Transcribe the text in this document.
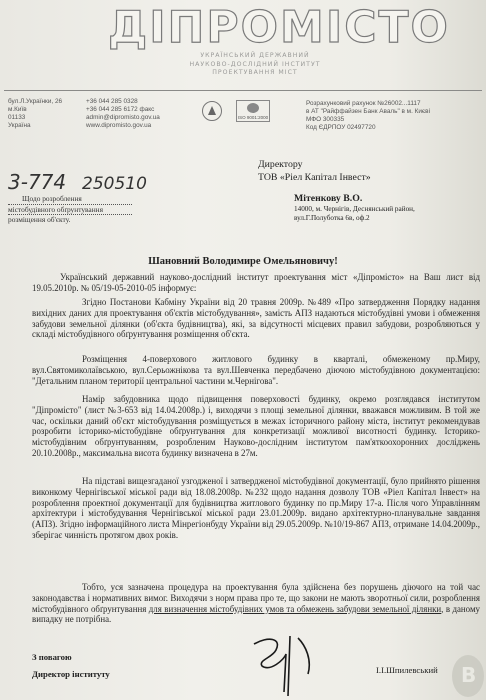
ДІПРОМІСТО
УКРАЇНСЬКИЙ ДЕРЖАВНИЙ
НАУКОВО-ДОСЛІДНИЙ ІНСТИТУТ
ПРОЕКТУВАННЯ МІСТ
бул.Л.Українки, 26
м.Київ
01133
Україна
+36 044 285 0328
+36 044 285 6172 факс
admin@dipromisto.gov.ua
www.dipromisto.gov.ua
ISO 9001:2000
Розрахунковий рахунок №26002...1117
в АТ "Райффайзен Банк Аваль" в м. Києві
МФО 300335
Код ЄДРПОУ 02497720
3-774 250510
Щодо розроблення
містобудівного обґрунтування
розміщення об'єкту.
Директору
ТОВ «Ріел Капітал Інвест»
Мітенкову В.О.
14000, м. Чернігів, Деснянський район,
вул.Г.Полуботка 6в, оф.2
Шановний Володимире Омельяновичу!
Український державний науково-дослідний інститут проектування міст «Діпромісто» на Ваш лист від 19.05.2010р. № 05/19-05-2010-05 інформує:
Згідно Постанови Кабміну України від 20 травня 2009р. №489 «Про затвердження Порядку надання вихідних даних для проектування об'єктів містобудування», замість АПЗ надаються містобудівні умови і обмеження забудови земельної ділянки (об'єкта будівництва), які, за відсутності місцевих правил забудови, розробляються у складі містобудівного обґрунтування розміщення об'єкта.
Розміщення 4-поверхового житлового будинку в кварталі, обмеженому пр.Миру, вул.Святомиколаївською, вул.Серьожнікова та вул.Шевченка передбачено діючою містобудівною документацією: "Детальним планом території центральної частини м.Чернігова".
Намір забудовника щодо підвищення поверховості будинку, окремо розглядався інститутом "Діпромісто" (лист №3-653 від 14.04.2008р.) і, виходячи з площі земельної ділянки, вважався можливим. В той же час, оскільки даний об'єкт містобудування розміщується в межах історичного району міста, інститут рекомендував розробити історико-містобудівне обґрунтування для конкретизації можливої висотності будинку. Історико-містобудівним обґрунтуванням, розробленим Науково-дослідним інститутом пам'яткоохоронних досліджень 20.10.2008р., максимальна висота будинку визначена в 27м.
На підставі вищезгаданої узгодженої і затвердженої містобудівної документації, було прийнято рішення виконкому Чернігівської міської ради від 18.08.2008р. №232 щодо надання дозволу ТОВ «Ріел Капітал Інвест» на розроблення проектної документації для будівництва житлового будинку по пр.Миру 17-а. Після чого Управлінням архітектури і містобудування Чернігівської міської ради 23.01.2009р. видано архітектурно-планувальне завдання (АПЗ). Згідно інформаційного листа Мінрегіонбуду України від 29.05.2009р. №10/19-867 АПЗ, отримане 14.04.2009р., зберігає чинність протягом двох років.
Тобто, уся зазначена процедура на проектування була здійснена без порушень діючого на той час законодавства і нормативних вимог. Виходячи з норм права про те, що закони не мають зворотньої сили, розроблення містобудівного обґрунтування для визначення містобудівних умов та обмежень забудови земельної ділянки, в даному випадку не потрібна.
З повагою
Директор інституту	І.І.Шпилевський
B
